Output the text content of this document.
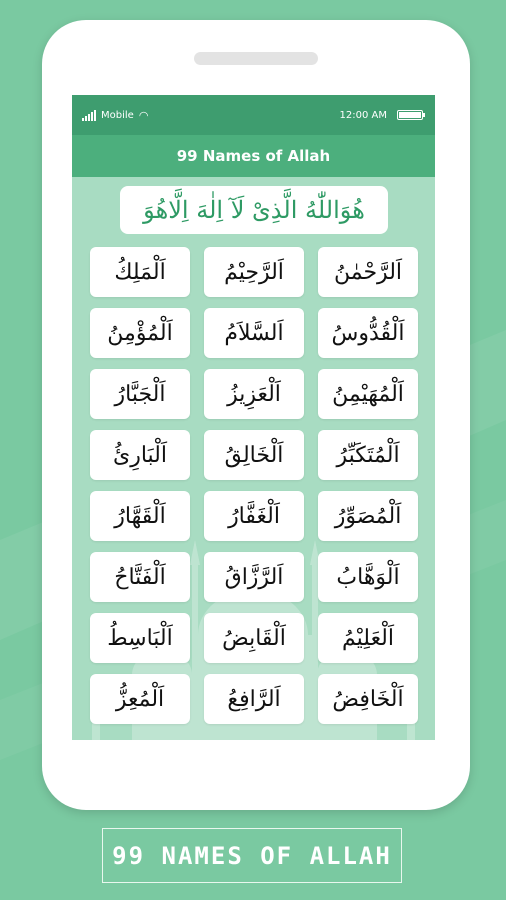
Mobile ◠	12:00 AM
99 Names of Allah
هُوَاللّٰهُ الَّذِیْ لَآ اِلٰهَ اِلَّاھُوَ
اَلرَّحْمٰنُ
اَلرَّحِيْمُ
اَلْمَلِكُ
اَلْقُدُّوسُ
اَلسَّلاَمُ
اَلْمُؤْمِنُ
اَلْمُهَيْمِنُ
اَلْعَزِيزُ
اَلْجَبَّارُ
اَلْمُتَكَبِّرُ
اَلْخَالِقُ
اَلْبَارِئُ
اَلْمُصَوِّرُ
اَلْغَفَّارُ
اَلْقَهَّارُ
اَلْوَهَّابُ
اَلرَّزَّاقُ
اَلْفَتَّاحُ
اَلْعَلِيْمُ
اَلْقَابِضُ
اَلْبَاسِطُ
اَلْخَافِضُ
اَلرَّافِعُ
اَلْمُعِزُّ
99 NAMES OF ALLAH
